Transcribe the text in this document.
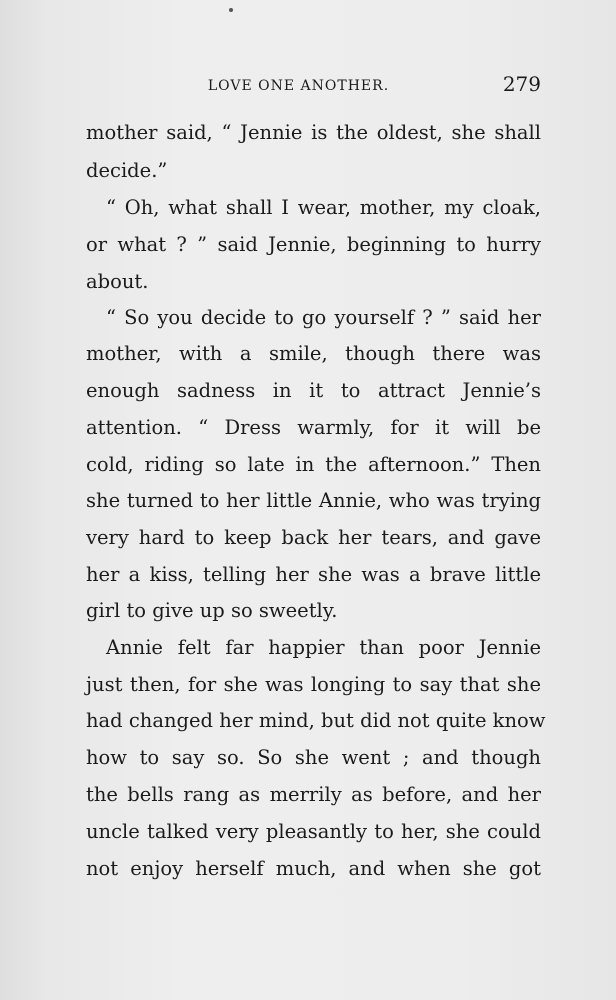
LOVE ONE ANOTHER.	279
mother said, “ Jennie is the oldest, she shall
decide.”
“ Oh, what shall I wear, mother, my cloak,
or what ? ” said Jennie, beginning to hurry
about.
“ So you decide to go yourself ? ” said her
mother, with a smile, though there was
enough sadness in it to attract Jennie’s
attention. “ Dress warmly, for it will be
cold, riding so late in the afternoon.” Then
she turned to her little Annie, who was trying
very hard to keep back her tears, and gave
her a kiss, telling her she was a brave little
girl to give up so sweetly.
Annie felt far happier than poor Jennie
just then, for she was longing to say that she
had changed her mind, but did not quite know
how to say so. So she went ; and though
the bells rang as merrily as before, and her
uncle talked very pleasantly to her, she could
not enjoy herself much, and when she got
